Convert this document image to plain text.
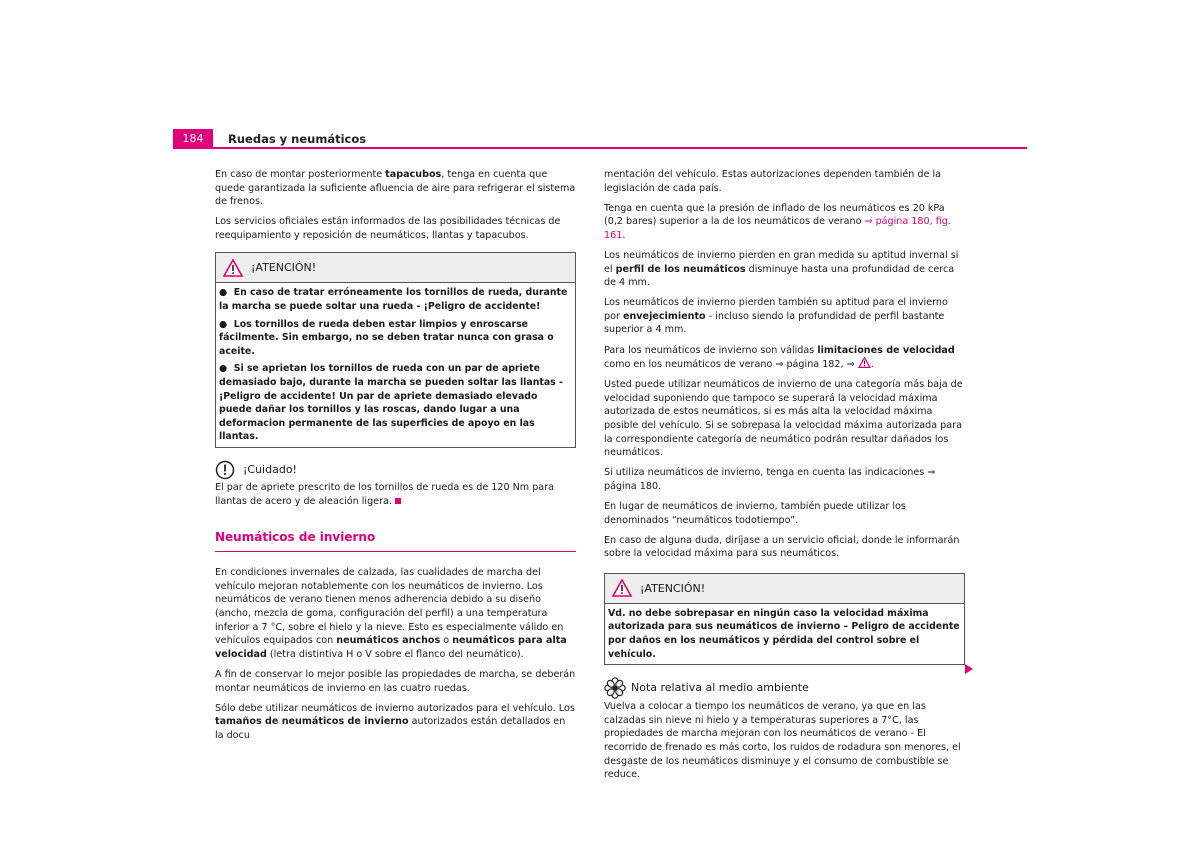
184	Ruedas y neumáticos

En caso de montar posteriormente tapacubos, tenga en cuenta que quede garantizada la suficiente afluencia de aire para refrigerar el sistema de frenos.

Los servicios oficiales están informados de las posibilidades técnicas de reequipamiento y reposición de neumáticos, llantas y tapacubos.

¡ATENCIÓN!
●  En caso de tratar erróneamente los tornillos de rueda, durante la marcha se puede soltar una rueda - ¡Peligro de accidente!
●  Los tornillos de rueda deben estar limpios y enroscarse fácilmente. Sin embargo, no se deben tratar nunca con grasa o aceite.
●  Si se aprietan los tornillos de rueda con un par de apriete demasiado bajo, durante la marcha se pueden soltar las llantas - ¡Peligro de accidente! Un par de apriete demasiado elevado puede dañar los tornillos y las roscas, dando lugar a una deformacion permanente de las superficies de apoyo en las llantas.
¡Cuidado!

El par de apriete prescrito de los tornillos de rueda es de 120 Nm para llantas de acero y de aleación ligera.

Neumáticos de invierno

En condiciones invernales de calzada, las cualidades de marcha del vehículo mejoran notablemente con los neumáticos de invierno. Los neumáticos de verano tienen menos adherencia debido a su diseño (ancho, mezcla de goma, configuración del perfil) a una temperatura inferior a 7 °C, sobre el hielo y la nieve. Esto es especialmente válido en vehículos equipados con neumáticos anchos o neumáticos para alta velocidad (letra distintiva H o V sobre el flanco del neumático).

A fin de conservar lo mejor posible las propiedades de marcha, se deberán montar neumáticos de invierno en las cuatro ruedas.

Sólo debe utilizar neumáticos de invierno autorizados para el vehículo. Los tamaños de neumáticos de invierno autorizados están detallados en la docu

mentación del vehículo. Estas autorizaciones dependen también de la legislación de cada país.

Tenga en cuenta que la presión de inflado de los neumáticos es 20 kPa (0,2 bares) superior a la de los neumáticos de verano ⇒ página 180, fig. 161.

Los neumáticos de invierno pierden en gran medida su aptitud invernal si el perfil de los neumáticos disminuye hasta una profundidad de cerca de 4 mm.

Los neumáticos de invierno pierden también su aptitud para el invierno por envejecimiento - incluso siendo la profundidad de perfil bastante superior a 4 mm.

Para los neumáticos de invierno son válidas limitaciones de velocidad como en los neumáticos de verano ⇒ página 182, ⇒ .

Usted puede utilizar neumáticos de invierno de una categoría más baja de velocidad suponiendo que tampoco se superará la velocidad máxima autorizada de estos neumáticos, si es más alta la velocidad máxima posible del vehículo. Si se sobrepasa la velocidad máxima autorizada para la correspondiente categoría de neumático podrán resultar dañados los neumáticos.

Si utiliza neumáticos de invierno, tenga en cuenta las indicaciones ⇒ página 180.

En lugar de neumáticos de invierno, también puede utilizar los denominados “neumáticos todotiempo”.

En caso de alguna duda, diríjase a un servicio oficial, donde le informarán sobre la velocidad máxima para sus neumáticos.

¡ATENCIÓN!
Vd. no debe sobrepasar en ningún caso la velocidad máxima autorizada para sus neumáticos de invierno – Peligro de accidente por daños en los neumáticos y pérdida del control sobre el vehículo.
Nota relativa al medio ambiente

Vuelva a colocar a tiempo los neumáticos de verano, ya que en las calzadas sin nieve ni hielo y a temperaturas superiores a 7°C, las propiedades de marcha mejoran con los neumáticos de verano - El recorrido de frenado es más corto, los ruidos de rodadura son menores, el desgaste de los neumáticos disminuye y el consumo de combustible se reduce.
